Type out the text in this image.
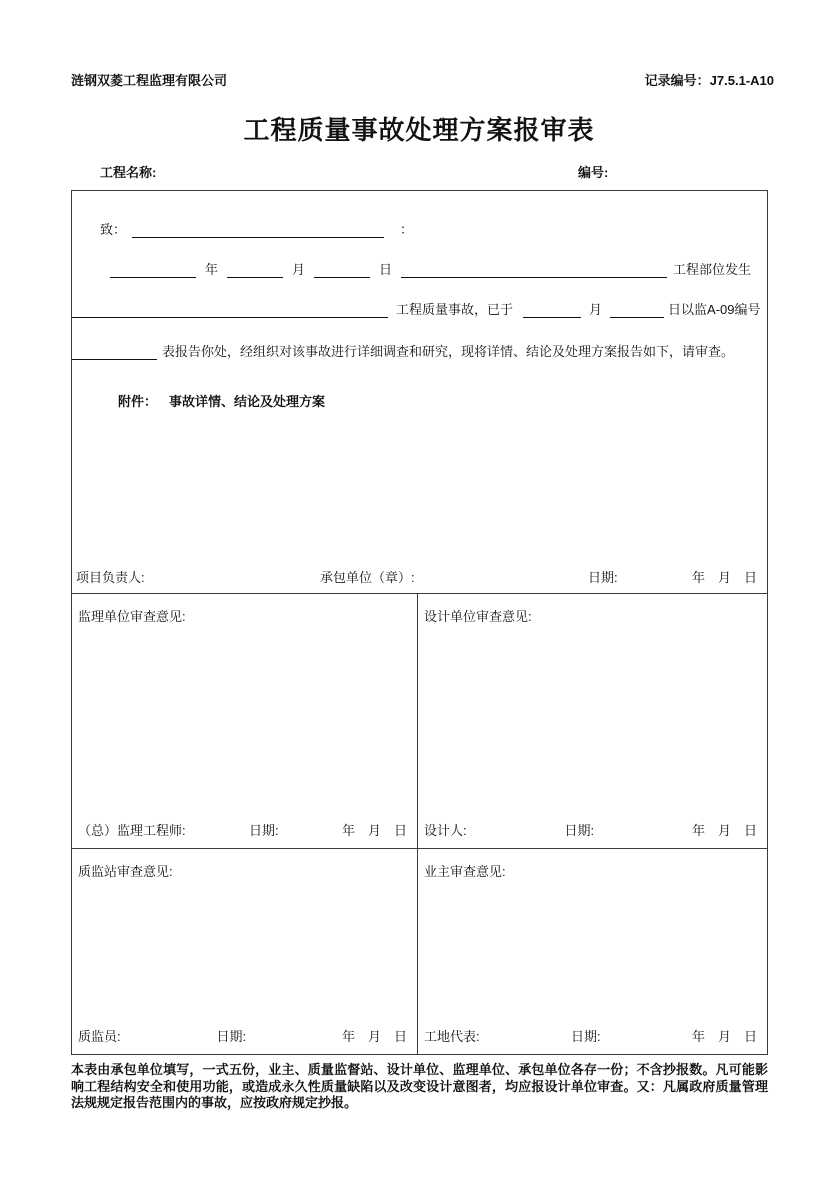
涟钢双菱工程监理有限公司	记录编号：J7.5.1-A10
工程质量事故处理方案报审表
工程名称:	编号:
致：	：
年	月	日	工程部位发生
工程质量事故，已于	月	日以监A-09编号
表报告你处，经组织对该事故进行详细调查和研究，现将详情、结论及处理方案报告如下，请审查。
附件： 事故详情、结论及处理方案
项目负责人:	承包单位（章）:	日期:	年　月　日
监理单位审查意见:
（总）监理工程师:	日期:	年　月　日
设计单位审查意见:
设计人:	日期:	年　月　日
质监站审查意见:
质监员:	日期:	年　月　日
业主审查意见:
工地代表:	日期:	年　月　日
本表由承包单位填写，一式五份，业主、质量监督站、设计单位、监理单位、承包单位各存一份；不含抄报数。凡可能影响工程结构安全和使用功能，或造成永久性质量缺陷以及改变设计意图者，均应报设计单位审查。又：凡属政府质量管理法规规定报告范围内的事故，应按政府规定抄报。
